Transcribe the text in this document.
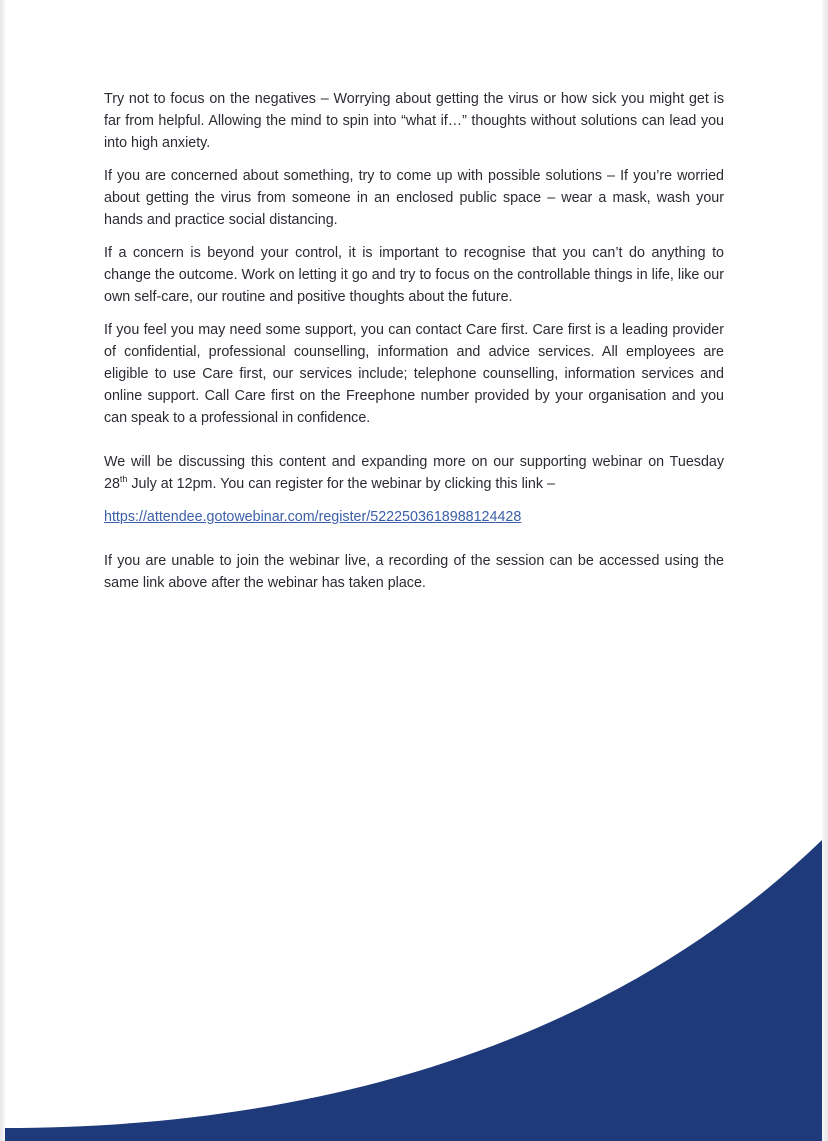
Try not to focus on the negatives – Worrying about getting the virus or how sick you might get is far from helpful. Allowing the mind to spin into “what if…” thoughts without solutions can lead you into high anxiety.

If you are concerned about something, try to come up with possible solutions – If you’re worried about getting the virus from someone in an enclosed public space – wear a mask, wash your hands and practice social distancing.

If a concern is beyond your control, it is important to recognise that you can’t do anything to change the outcome. Work on letting it go and try to focus on the controllable things in life, like our own self-care, our routine and positive thoughts about the future.

If you feel you may need some support, you can contact Care first. Care first is a leading provider of confidential, professional counselling, information and advice services. All employees are eligible to use Care first, our services include; telephone counselling, information services and online support. Call Care first on the Freephone number provided by your organisation and you can speak to a professional in confidence.

We will be discussing this content and expanding more on our supporting webinar on Tuesday 28th July at 12pm. You can register for the webinar by clicking this link –

https://attendee.gotowebinar.com/register/5222503618988124428

If you are unable to join the webinar live, a recording of the session can be accessed using the same link above after the webinar has taken place.
